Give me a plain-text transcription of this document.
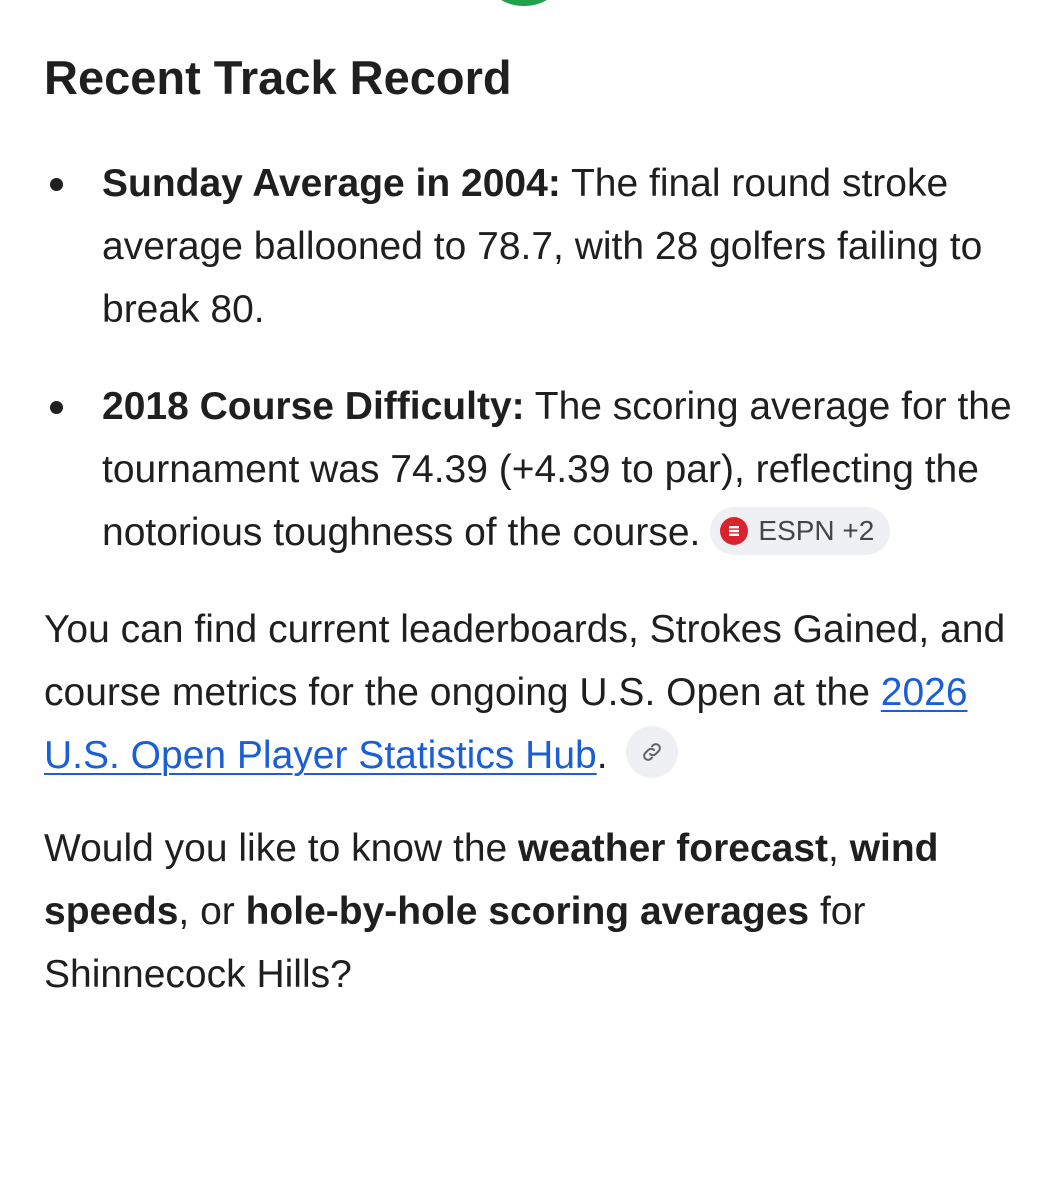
Recent Track Record
Sunday Average in 2004: The final round stroke average ballooned to 78.7, with 28 golfers failing to break 80.
2018 Course Difficulty: The scoring average for the tournament was 74.39 (+4.39 to par), reflecting the notorious toughness of the course. ESPN +2

You can find current leaderboards, Strokes Gained, and course metrics for the ongoing U.S. Open at the 2026 U.S. Open Player Statistics Hub.

Would you like to know the weather forecast, wind speeds, or hole-by-hole scoring averages for Shinnecock Hills?
